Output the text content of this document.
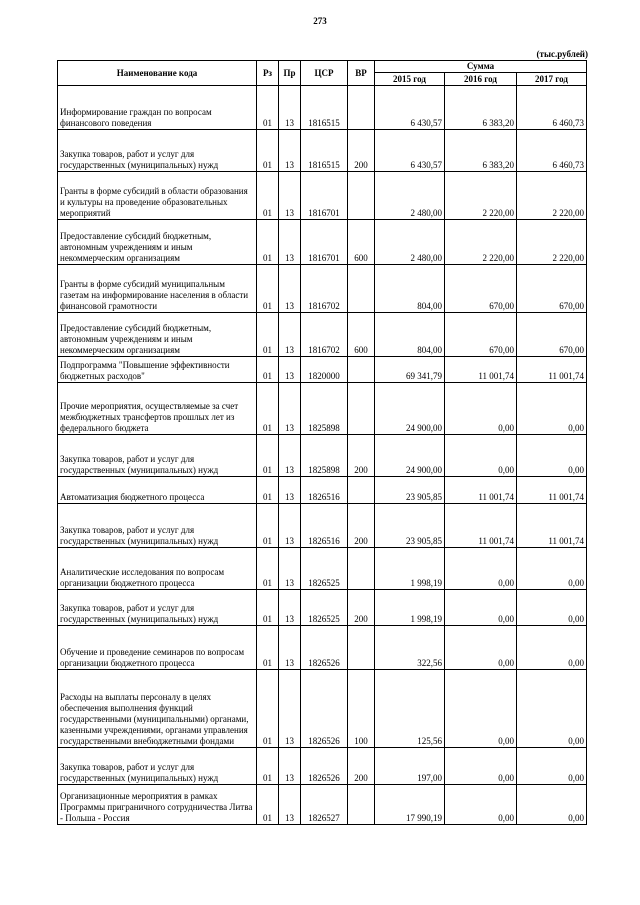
273
(тыс.рублей)
Наименование кода	Рз	Пр	ЦСР	ВР	Сумма		
					2015 год	2016 год	2017 год
Информирование граждан по вопросам финансового поведения	01	13	1816515		6 430,57	6 383,20	6 460,73
Закупка товаров, работ и услуг для государственных (муниципальных) нужд	01	13	1816515	200	6 430,57	6 383,20	6 460,73
Гранты в форме субсидий в области образования и культуры на проведение образовательных мероприятий	01	13	1816701		2 480,00	2 220,00	2 220,00
Предоставление субсидий бюджетным, автономным учреждениям и иным некоммерческим организациям	01	13	1816701	600	2 480,00	2 220,00	2 220,00
Гранты в форме субсидий муниципальным газетам на информирование населения в области финансовой грамотности	01	13	1816702		804,00	670,00	670,00
Предоставление субсидий бюджетным, автономным учреждениям и иным некоммерческим организациям	01	13	1816702	600	804,00	670,00	670,00
Подпрограмма "Повышение эффективности бюджетных расходов"	01	13	1820000		69 341,79	11 001,74	11 001,74
Прочие мероприятия, осуществляемые за счет межбюджетных трансфертов прошлых лет из федерального бюджета	01	13	1825898		24 900,00	0,00	0,00
Закупка товаров, работ и услуг для государственных (муниципальных) нужд	01	13	1825898	200	24 900,00	0,00	0,00
Автоматизация бюджетного процесса	01	13	1826516		23 905,85	11 001,74	11 001,74
Закупка товаров, работ и услуг для государственных (муниципальных) нужд	01	13	1826516	200	23 905,85	11 001,74	11 001,74
Аналитические исследования по вопросам организации бюджетного процесса	01	13	1826525		1 998,19	0,00	0,00
Закупка товаров, работ и услуг для государственных (муниципальных) нужд	01	13	1826525	200	1 998,19	0,00	0,00
Обучение и проведение семинаров по вопросам организации бюджетного процесса	01	13	1826526		322,56	0,00	0,00
Расходы на выплаты персоналу в целях обеспечения выполнения функций государственными (муниципальными) органами, казенными учреждениями, органами управления государственными внебюджетными фондами	01	13	1826526	100	125,56	0,00	0,00
Закупка товаров, работ и услуг для государственных (муниципальных) нужд	01	13	1826526	200	197,00	0,00	0,00
Организационные мероприятия в рамках Программы приграничного сотрудничества Литва - Польша - Россия	01	13	1826527		17 990,19	0,00	0,00
